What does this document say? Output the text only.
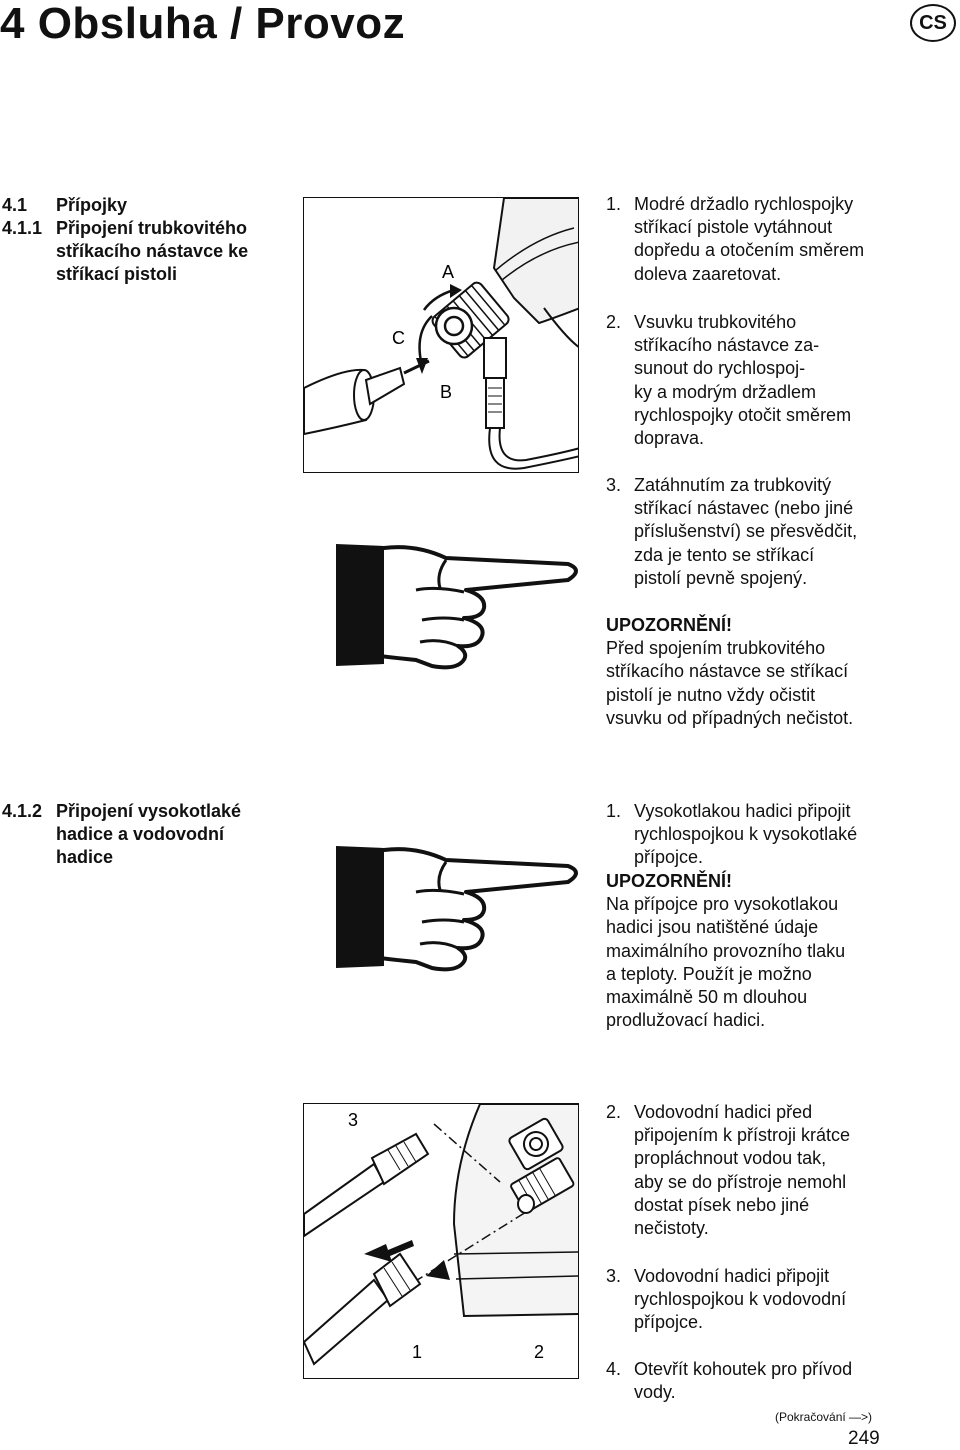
4 Obsluha / Provoz	CS
4.1 Přípojky
4.1.1 Připojení trubkovitého
stříkacího nástavce ke
stříkací pistoli	A
C
B
1. Modré držadlo rychlospojky
stříkací pistole vytáhnout
dopředu a otočením směrem
doleva zaaretovat.
2. Vsuvku trubkovitého
stříkacího nástavce za-
sunout do rychlospoj-
ky a modrým držadlem
rychlospojky otočit směrem
doprava.
3. Zatáhnutím za trubkovitý
stříkací nástavec (nebo jiné
příslušenství) se přesvědčit,
zda je tento se stříkací
pistolí pevně spojený.
UPOZORNĚNÍ!
Před spojením trubkovitého
stříkacího nástavce se stříkací
pistolí je nutno vždy očistit
vsuvku od případných nečistot.
4.1.2 Připojení vysokotlaké
hadice a vodovodní
hadice
1. Vysokotlakou hadici připojit
rychlospojkou k vysokotlaké
přípojce.
UPOZORNĚNÍ!
Na přípojce pro vysokotlakou
hadici jsou natištěné údaje
maximálního provozního tlaku
a teploty. Použít je možno
maximálně 50 m dlouhou
prodlužovací hadici.
3
1	2
2. Vodovodní hadici před
připojením k přístroji krátce
propláchnout vodou tak,
aby se do přístroje nemohl
dostat písek nebo jiné
nečistoty.
3. Vodovodní hadici připojit
rychlospojkou k vodovodní
přípojce.
4. Otevřít kohoutek pro přívod
vody.
(Pokračování —>)
249
